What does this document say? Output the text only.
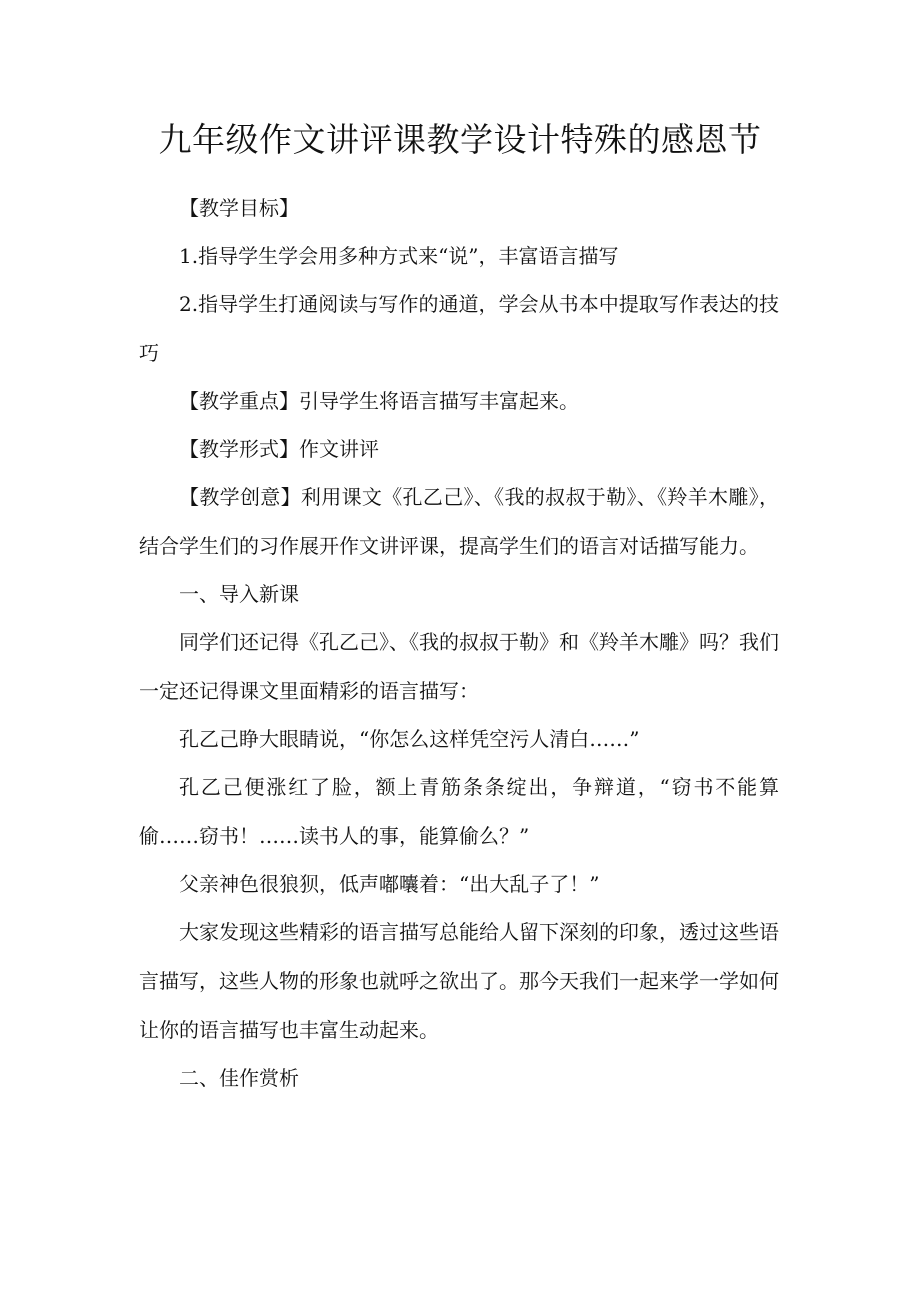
九年级作文讲评课教学设计特殊的感恩节

【教学目标】

1.指导学生学会用多种方式来“说”，丰富语言描写

2.指导学生打通阅读与写作的通道，学会从书本中提取写作表达的技巧

【教学重点】引导学生将语言描写丰富起来。

【教学形式】作文讲评

【教学创意】利用课文《孔乙己》、《我的叔叔于勒》、《羚羊木雕》，结合学生们的习作展开作文讲评课，提高学生们的语言对话描写能力。

一、导入新课

同学们还记得《孔乙己》、《我的叔叔于勒》和《羚羊木雕》吗？我们一定还记得课文里面精彩的语言描写：

孔乙己睁大眼睛说，“你怎么这样凭空污人清白……”

孔乙己便涨红了脸，额上青筋条条绽出，争辩道，“窃书不能算偷……窃书！……读书人的事，能算偷么？”

父亲神色很狼狈，低声嘟囔着：“出大乱子了！”

大家发现这些精彩的语言描写总能给人留下深刻的印象，透过这些语言描写，这些人物的形象也就呼之欲出了。那今天我们一起来学一学如何让你的语言描写也丰富生动起来。

二、佳作赏析
